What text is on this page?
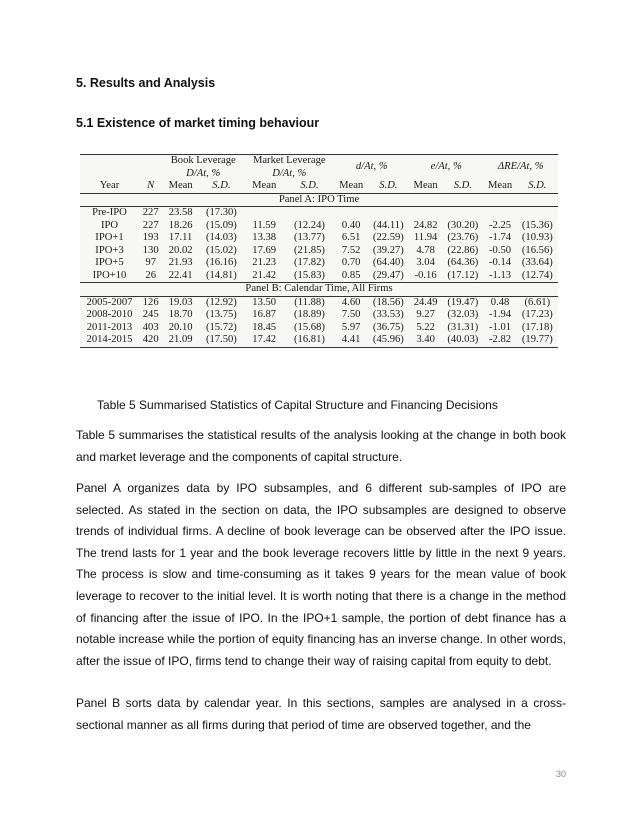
5. Results and Analysis
5.1 Existence of market timing behaviour
		Book Leverage		Market Leverage		d/At, %		e/At, %		ΔRE/At, %	
		D/At, %		D/At, %							
Year	N	Mean	S.D.	Mean	S.D.	Mean	S.D.	Mean	S.D.	Mean	S.D.
Panel A: IPO Time											
Pre-IPO	227	23.58	(17.30)								
IPO	227	18.26	(15.09)	11.59	(12.24)	0.40	(44.11)	24.82	(30.20)	-2.25	(15.36)
IPO+1	193	17.11	(14.03)	13.38	(13.77)	6.51	(22.59)	11.94	(23.76)	-1.74	(10.93)
IPO+3	130	20.02	(15.02)	17.69	(21.85)	7.52	(39.27)	4.78	(22.86)	-0.50	(16.56)
IPO+5	97	21.93	(16.16)	21.23	(17.82)	0.70	(64.40)	3.04	(64.36)	-0.14	(33.64)
IPO+10	26	22.41	(14.81)	21.42	(15.83)	0.85	(29.47)	-0.16	(17.12)	-1.13	(12.74)
Panel B: Calendar Time, All Firms											
2005-2007	126	19.03	(12.92)	13.50	(11.88)	4.60	(18.56)	24.49	(19.47)	0.48	(6.61)
2008-2010	245	18.70	(13.75)	16.87	(18.89)	7.50	(33.53)	9.27	(32.03)	-1.94	(17.23)
2011-2013	403	20.10	(15.72)	18.45	(15.68)	5.97	(36.75)	5.22	(31.31)	-1.01	(17.18)
2014-2015	420	21.09	(17.50)	17.42	(16.81)	4.41	(45.96)	3.40	(40.03)	-2.82	(19.77)
Table 5 Summarised Statistics of Capital Structure and Financing Decisions
Table 5 summarises the statistical results of the analysis looking at the change in both book and market leverage and the components of capital structure.
Panel A organizes data by IPO subsamples, and 6 different sub-samples of IPO are selected. As stated in the section on data, the IPO subsamples are designed to observe trends of individual firms. A decline of book leverage can be observed after the IPO issue. The trend lasts for 1 year and the book leverage recovers little by little in the next 9 years. The process is slow and time-consuming as it takes 9 years for the mean value of book leverage to recover to the initial level. It is worth noting that there is a change in the method of financing after the issue of IPO. In the IPO+1 sample, the portion of debt finance has a notable increase while the portion of equity financing has an inverse change. In other words, after the issue of IPO, firms tend to change their way of raising capital from equity to debt.
Panel B sorts data by calendar year. In this sections, samples are analysed in a cross-sectional manner as all firms during that period of time are observed together, and the
30
